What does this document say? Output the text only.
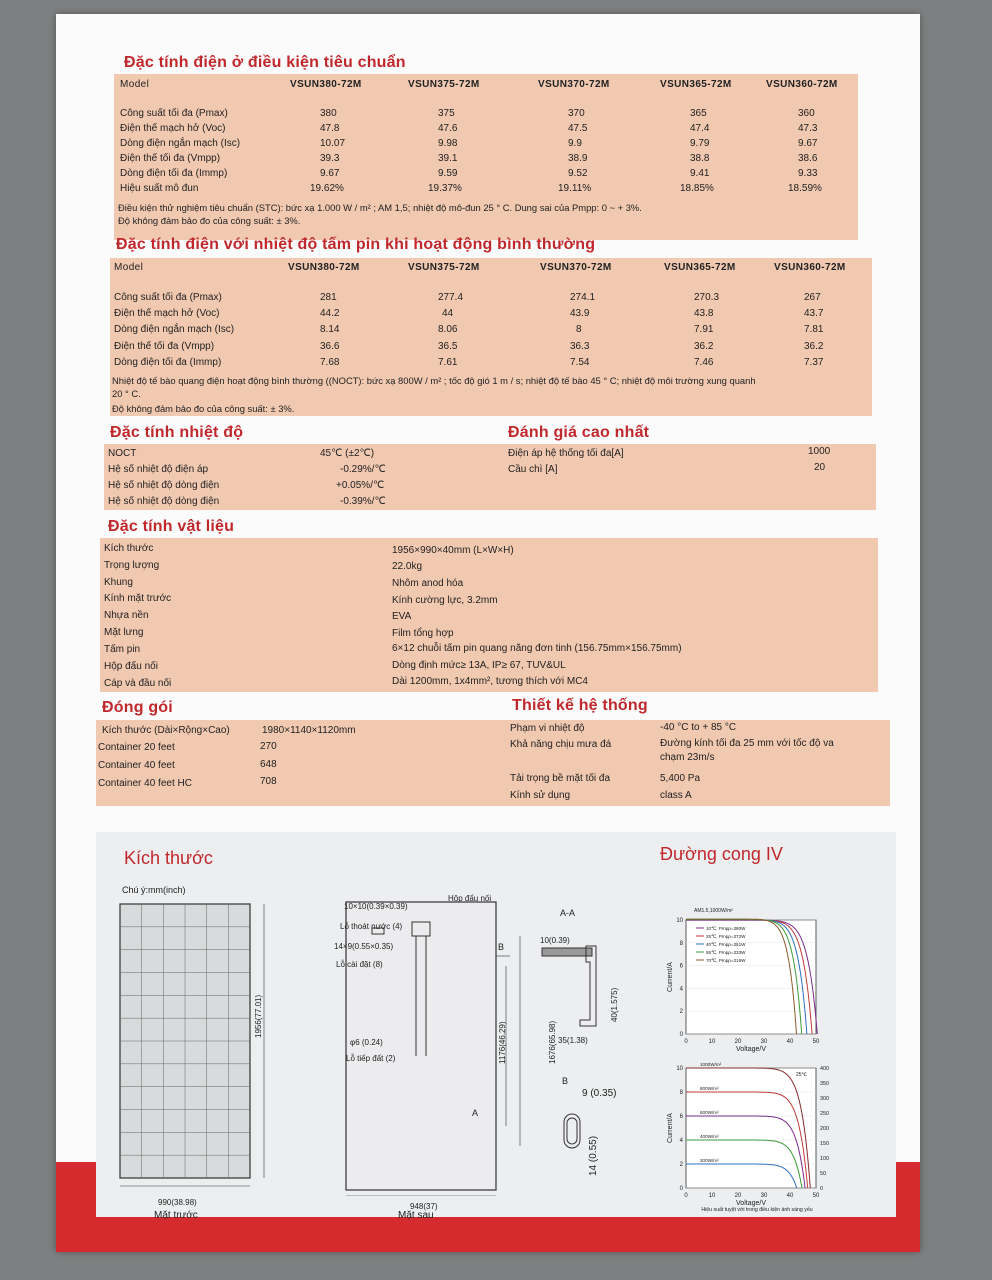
Đặc tính điện ở điều kiện tiêu chuẩn
Model	VSUN380-72M	VSUN375-72M	VSUN370-72M	VSUN365-72M	VSUN360-72M
Công suất tối đa (Pmax)	380	375	370	365	360
Điện thế mạch hở (Voc)	47.8	47.6	47.5	47.4	47.3
Dòng điện ngắn mạch (Isc)	10.07	9.98	9.9	9.79	9.67
Điện thế tối đa (Vmpp)	39.3	39.1	38.9	38.8	38.6
Dòng điện tối đa (Immp)	9.67	9.59	9.52	9.41	9.33
Hiệu suất mô đun	19.62%	19.37%	19.11%	18.85%	18.59%
Điều kiện thử nghiệm tiêu chuẩn (STC): bức xạ 1.000 W / m² ; AM 1,5; nhiệt độ mô-đun 25 ° C. Dung sai của Pmpp: 0 ~ + 3%.
Độ không đảm bảo đo của công suất: ± 3%.
Đặc tính điện với nhiệt độ tấm pin khi hoạt động bình thường
Model	VSUN380-72M	VSUN375-72M	VSUN370-72M	VSUN365-72M	VSUN360-72M
Công suất tối đa (Pmax)	281	277.4	274.1	270.3	267
Điện thế mạch hở (Voc)	44.2	44	43.9	43.8	43.7
Dòng điện ngắn mạch (Isc)	8.14	8.06	8	7.91	7.81
Điện thế tối đa (Vmpp)	36.6	36.5	36.3	36.2	36.2
Dòng điện tối đa (Immp)	7.68	7.61	7.54	7.46	7.37
Nhiệt độ tế bào quang điện hoạt động bình thường ((NOCT): bức xạ 800W / m² ; tốc độ gió 1 m / s; nhiệt độ tế bào 45 ° C; nhiệt độ môi trường xung quanh
20 ° C.
Độ không đảm bảo đo của công suất: ± 3%.
Đặc tính nhiệt độ	Đánh giá cao nhất
NOCT	45℃ (±2℃)
Hệ số nhiệt độ điện áp	-0.29%/℃
Hệ số nhiệt độ dòng điện	+0.05%/℃
Hệ số nhiệt độ dòng điện	-0.39%/℃
Điện áp hệ thống tối đa[A]	1000
Cầu chì [A]	20
Đặc tính vật liệu
Kích thước	1956×990×40mm (L×W×H)
Trọng lượng	22.0kg
Khung	Nhôm anod hóa
Kính mặt trước	Kính cường lực, 3.2mm
Nhựa nền	EVA
Mặt lưng	Film tổng hợp
Tấm pin	6×12 chuỗi tấm pin quang năng đơn tinh (156.75mm×156.75mm)
Hộp đấu nối	Dòng định mức≥ 13A, IP≥ 67, TUV&UL
Cáp và đầu nối	Dài 1200mm, 1x4mm², tương thích với MC4
Đóng gói	Thiết kế hệ thống
Kích thước (Dài×Rộng×Cao)	1980×1140×1120mm
Container 20 feet	270
Container 40 feet	648
Container 40 feet HC	708
Phạm vi nhiệt độ	-40 °C to + 85 °C
Khả năng chịu mưa đá	Đường kính tối đa 25 mm với tốc độ va
chạm 23m/s
Tải trọng bề mặt tối đa	5,400 Pa
Kính sử dụng	class A
Kích thước	Đường cong IV
Chú ý:mm(inch)
990(38.98)
Mặt trước
1956(77.01)
10×10(0.39×0.39)
Lỗ thoát nước (4)
14×9(0.55×0.35)
Lỗ cài đặt (8)
φ6 (0.24)
Lỗ tiếp đất (2)
Hộp đấu nối
B
A
1676(65.98)
1176(46.29)
948(37)
Mặt sau
A-A
10(0.39)
40(1.575)
35(1.38)
B
9 (0.35)
14 (0.55)
AM1.5,1000W/m²
0	10	20	30	40	50
10
8
6
4
2
0
Voltage/V
Current/A
10℃, Pmpp=380W
25℃, Pmpp=372W
40℃, Pmpp=351W
55℃, Pmpp=333W
70℃, Pmpp=316W
0	10	20	30	40	50
10
8
6
4
2
0
Voltage/V
Current/A
1000W/m²
800W/m²
600W/m²
400W/m²
200W/m²
25℃
400
350
300
250
200
150
100
50
0
Hiệu suất tuyệt vời trong điều kiện ánh sáng yếu
